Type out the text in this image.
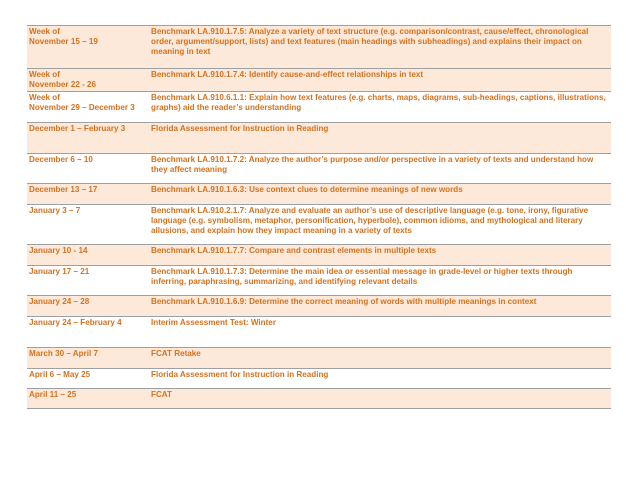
Week of
November 15 – 19	Benchmark LA.910.1.7.5: Analyze a variety of text structure (e.g. comparison/contrast, cause/effect, chronological order, argument/support, lists) and text features (main headings with subheadings) and explains their impact on meaning in text
Week of
November 22 - 26	Benchmark LA.910.1.7.4: Identify cause-and-effect relationships in text
Week of
November 29 – December 3	Benchmark LA.910.6.1.1: Explain how text features (e.g. charts, maps, diagrams, sub-headings, captions, illustrations, graphs) aid the reader’s understanding
December 1 – February 3	Florida Assessment for Instruction in Reading
December 6 – 10	Benchmark LA.910.1.7.2: Analyze the author’s purpose and/or perspective in a variety of texts and understand how they affect meaning
December 13 – 17	Benchmark LA.910.1.6.3: Use context clues to determine meanings of new words
January 3 – 7	Benchmark LA.910.2.1.7: Analyze and evaluate an author’s use of descriptive language (e.g. tone, irony, figurative language (e.g. symbolism, metaphor, personification, hyperbole), common idioms, and mythological and literary allusions, and explain how they impact meaning in a variety of texts
January 10 - 14	Benchmark LA.910.1.7.7: Compare and contrast elements in multiple texts
January 17 – 21	Benchmark LA.910.1.7.3: Determine the main idea or essential message in grade-level or higher texts through inferring, paraphrasing, summarizing, and identifying relevant details
January 24 – 28	Benchmark LA.910.1.6.9: Determine the correct meaning of words with multiple meanings in context
January 24 – February 4	Interim Assessment Test: Winter
March 30 – April 7	FCAT Retake
April 6 – May 25	Florida Assessment for Instruction in Reading
April 11 – 25	FCAT
